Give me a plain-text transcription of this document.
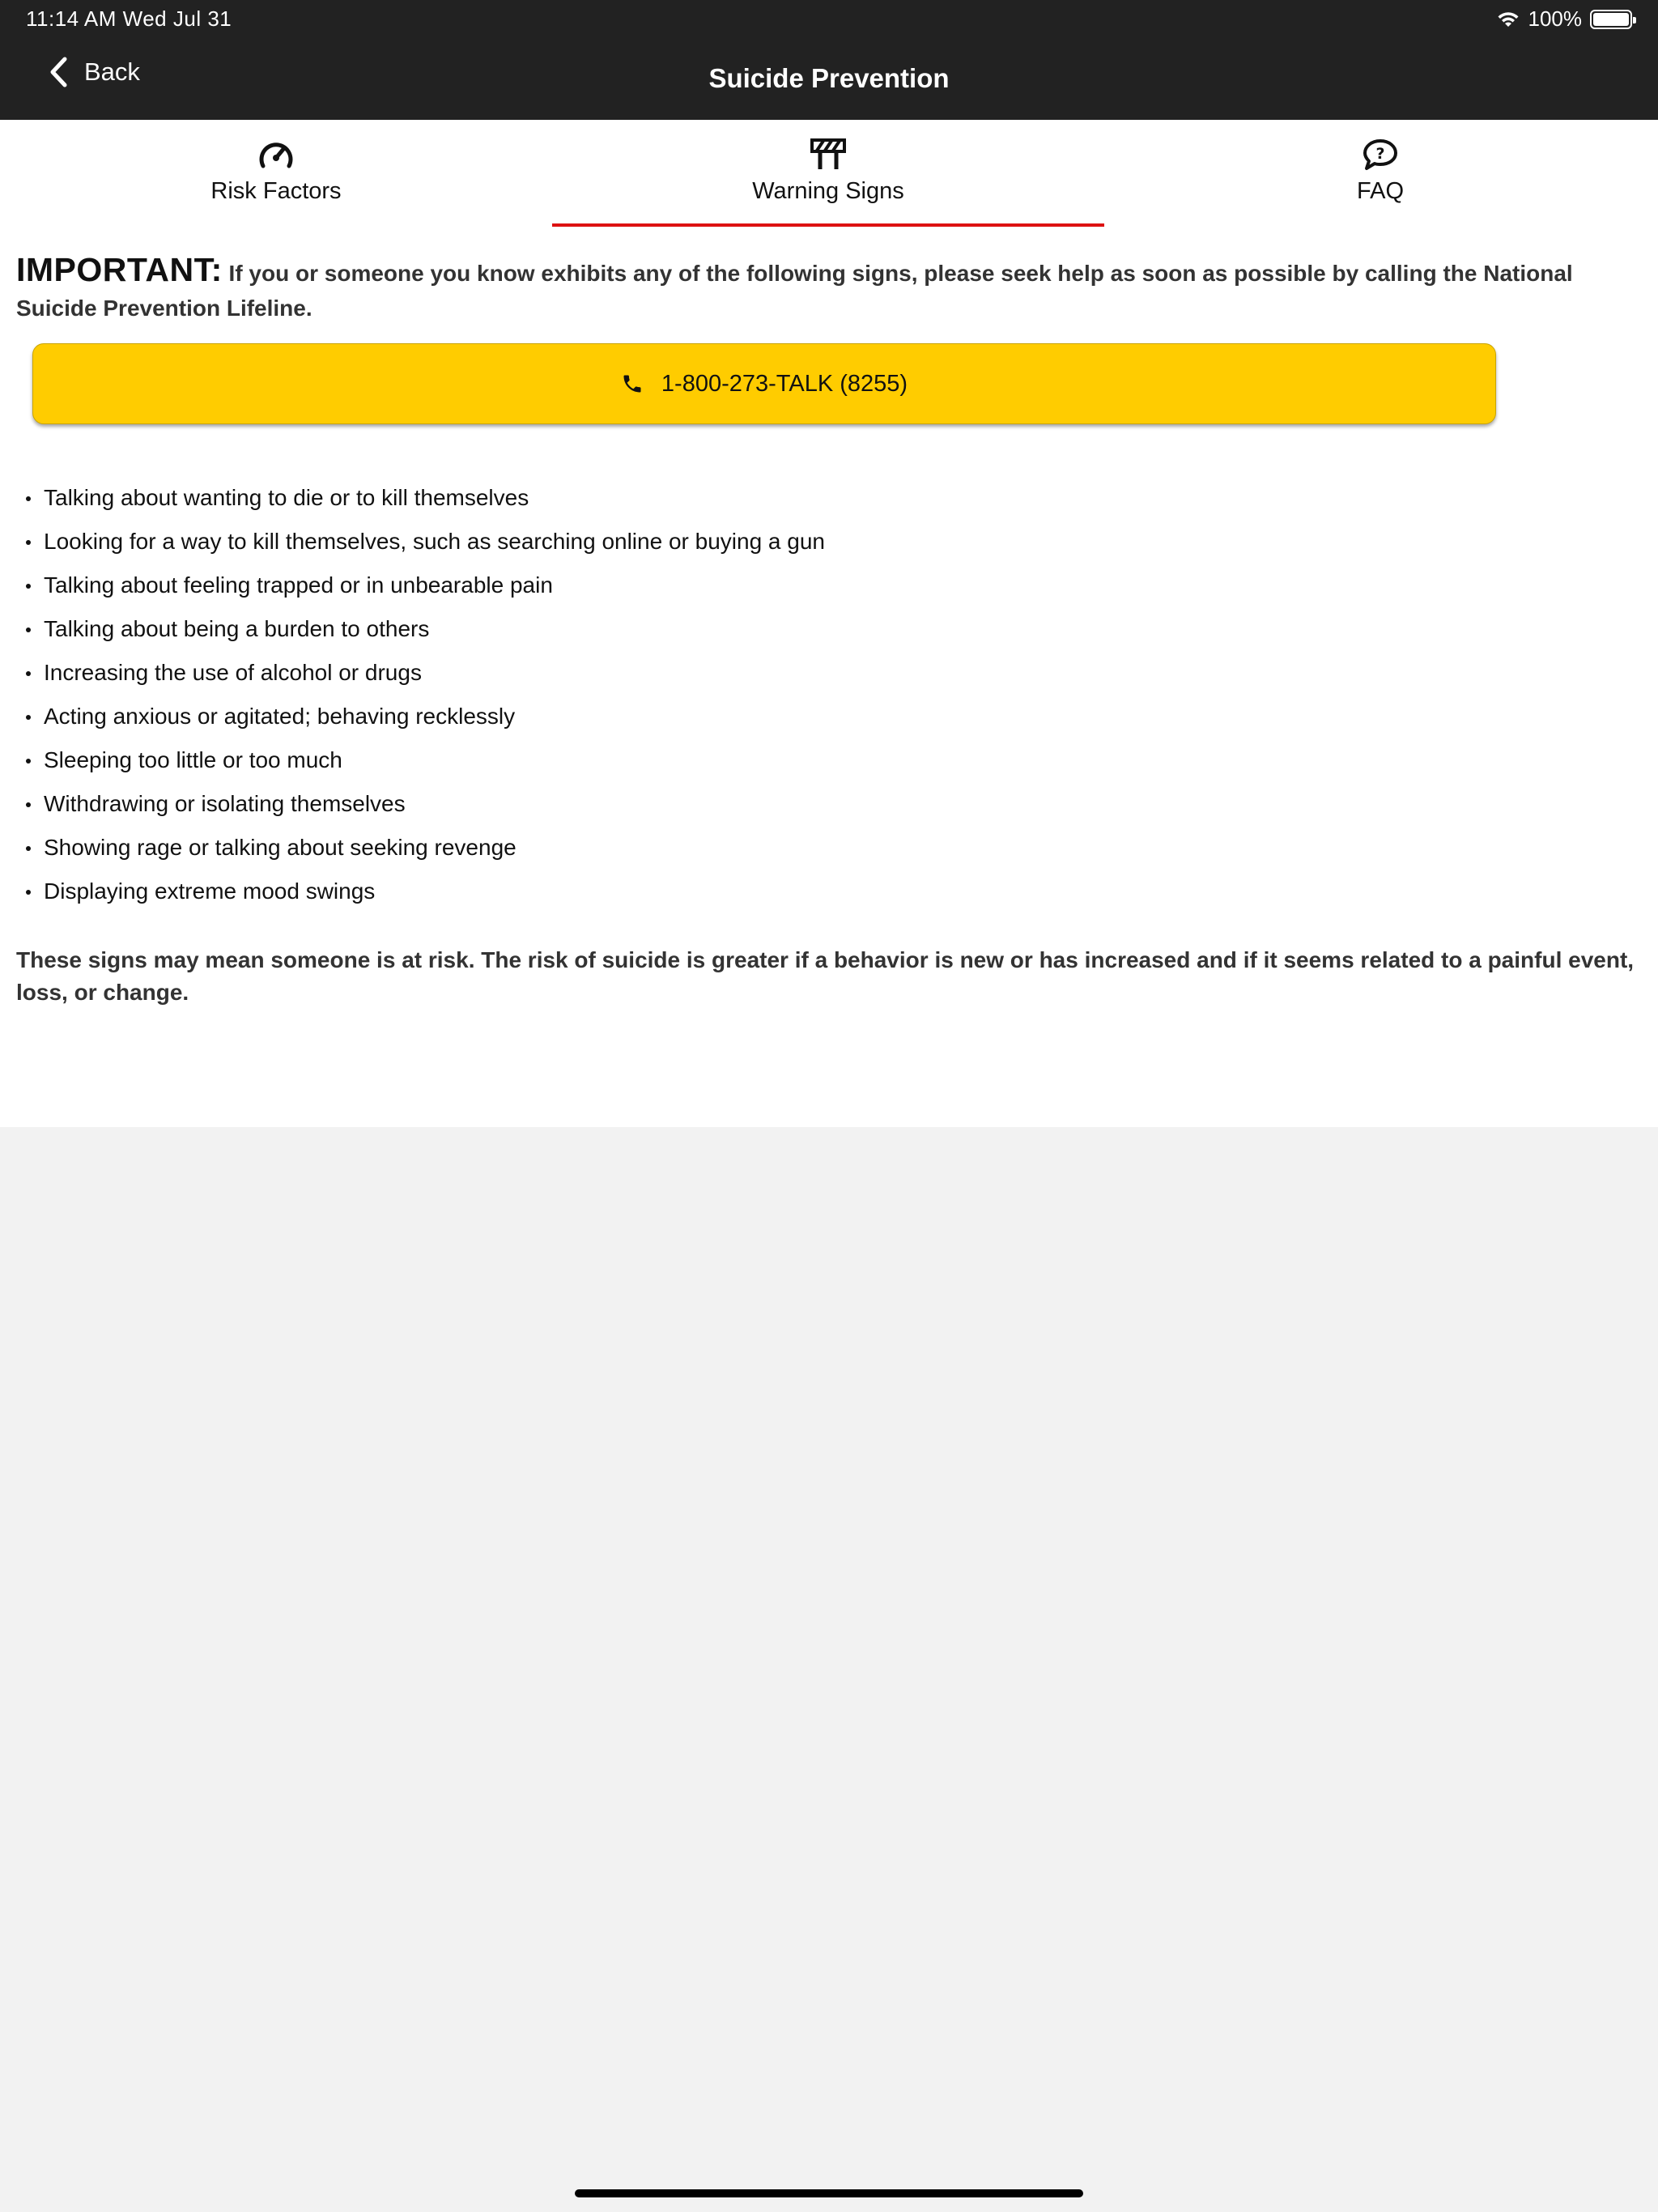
11:14 AM Wed Jul 31	100%
Back	Suicide Prevention
Risk Factors	Warning Signs
?
FAQ
IMPORTANT: If you or someone you know exhibits any of the following signs, please seek help as soon as possible by calling the National Suicide Prevention Lifeline.
1-800-273-TALK (8255)
Talking about wanting to die or to kill themselves
Looking for a way to kill themselves, such as searching online or buying a gun
Talking about feeling trapped or in unbearable pain
Talking about being a burden to others
Increasing the use of alcohol or drugs
Acting anxious or agitated; behaving recklessly
Sleeping too little or too much
Withdrawing or isolating themselves
Showing rage or talking about seeking revenge
Displaying extreme mood swings
These signs may mean someone is at risk. The risk of suicide is greater if a behavior is new or has increased and if it seems related to a painful event, loss, or change.
